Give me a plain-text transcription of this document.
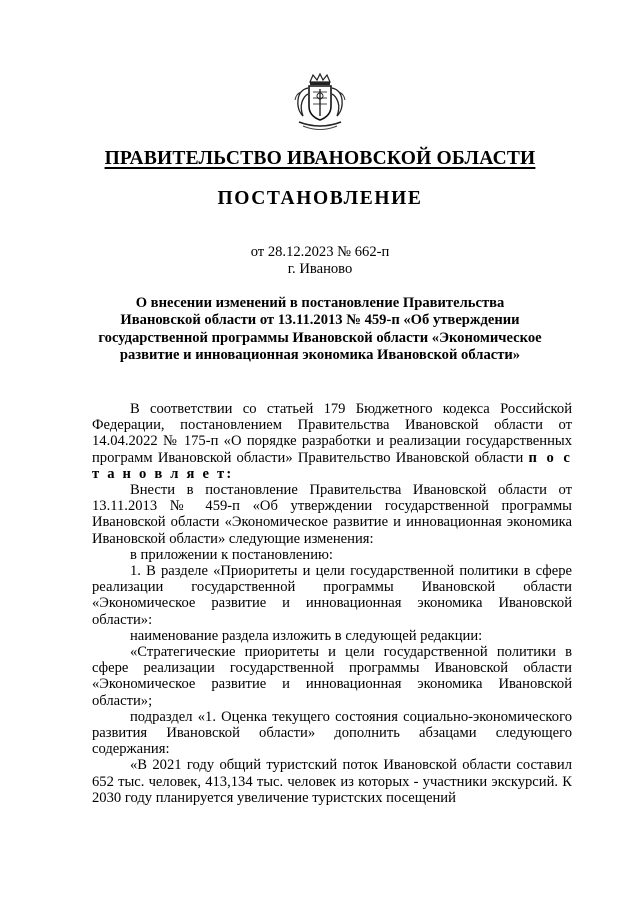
ПРАВИТЕЛЬСТВО ИВАНОВСКОЙ ОБЛАСТИ
ПОСТАНОВЛЕНИЕ
от 28.12.2023 № 662-п
г. Иваново
О внесении изменений в постановление Правительства Ивановской области от 13.11.2013 № 459-п «Об утверждении государственной программы Ивановской области «Экономическое развитие и инновационная экономика Ивановской области»

В соответствии со статьей 179 Бюджетного кодекса Российской Федерации, постановлением Правительства Ивановской области от 14.04.2022 № 175-п «О порядке разработки и реализации государственных программ Ивановской области» Правительство Ивановской области п о с т а н о в л я е т:

Внести в постановление Правительства Ивановской области от 13.11.2013 № 459-п «Об утверждении государственной программы Ивановской области «Экономическое развитие и инновационная экономика Ивановской области» следующие изменения:

в приложении к постановлению:

1. В разделе «Приоритеты и цели государственной политики в сфере реализации государственной программы Ивановской области «Экономическое развитие и инновационная экономика Ивановской области»:

наименование раздела изложить в следующей редакции:

«Стратегические приоритеты и цели государственной политики в сфере реализации государственной программы Ивановской области «Экономическое развитие и инновационная экономика Ивановской области»;

подраздел «1. Оценка текущего состояния социально-экономического развития Ивановской области» дополнить абзацами следующего содержания:

«В 2021 году общий туристский поток Ивановской области составил 652 тыс. человек, 413,134 тыс. человек из которых - участники экскурсий. К 2030 году планируется увеличение туристских посещений
